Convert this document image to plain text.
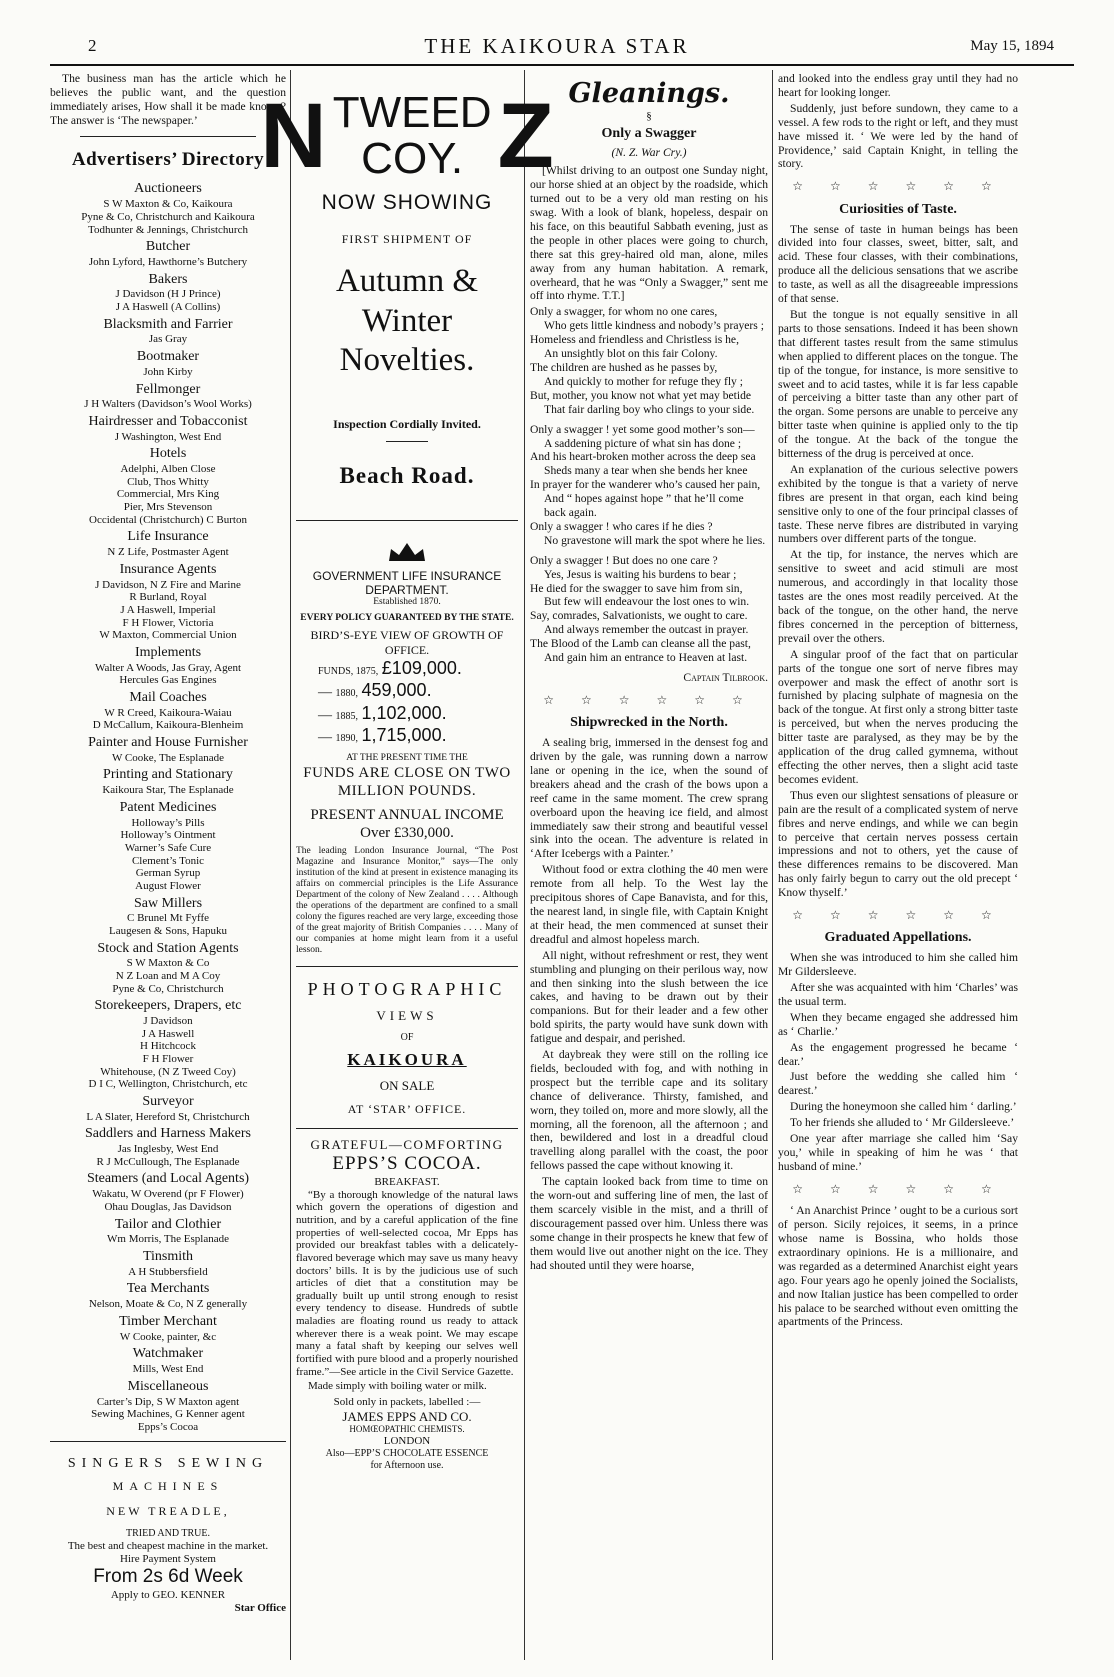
2	THE KAIKOURA STAR	May 15, 1894

The business man has the article which he believes the public want, and the question immediately arises, How shall it be made known? The answer is ‘The newspaper.’

Advertisers’ Directory
Auctioneers
S W Maxton & Co, Kaikoura
Pyne & Co, Christchurch and Kaikoura
Todhunter & Jennings, Christchurch
Butcher
John Lyford, Hawthorne’s Butchery
Bakers
J Davidson (H J Prince)
J A Haswell (A Collins)
Blacksmith and Farrier
Jas Gray
Bootmaker
John Kirby
Fellmonger
J H Walters (Davidson’s Wool Works)
Hairdresser and Tobacconist
J Washington, West End
Hotels
Adelphi, Alben Close
Club, Thos Whitty
Commercial, Mrs King
Pier, Mrs Stevenson
Occidental (Christchurch) C Burton
Life Insurance
N Z Life, Postmaster Agent
Insurance Agents
J Davidson, N Z Fire and Marine
R Burland, Royal
J A Haswell, Imperial
F H Flower, Victoria
W Maxton, Commercial Union
Implements
Walter A Woods, Jas Gray, Agent
Hercules Gas Engines
Mail Coaches
W R Creed, Kaikoura-Waiau
D McCallum, Kaikoura-Blenheim
Painter and House Furnisher
W Cooke, The Esplanade
Printing and Stationary
Kaikoura Star, The Esplanade
Patent Medicines
Holloway’s Pills
Holloway’s Ointment
Warner’s Safe Cure
Clement’s Tonic
German Syrup
August Flower
Saw Millers
C Brunel Mt Fyffe
Laugesen & Sons, Hapuku
Stock and Station Agents
S W Maxton & Co
N Z Loan and M A Coy
Pyne & Co, Christchurch
Storekeepers, Drapers, etc
J Davidson
J A Haswell
H Hitchcock
F H Flower
Whitehouse, (N Z Tweed Coy)
D I C, Wellington, Christchurch, etc
Surveyor
L A Slater, Hereford St, Christchurch
Saddlers and Harness Makers
Jas Inglesby, West End
R J McCullough, The Esplanade
Steamers (and Local Agents)
Wakatu, W Overend (pr F Flower)
Ohau Douglas, Jas Davidson
Tailor and Clothier
Wm Morris, The Esplanade
Tinsmith
A H Stubbersfield
Tea Merchants
Nelson, Moate & Co, N Z generally
Timber Merchant
W Cooke, painter, &c
Watchmaker
Mills, West End
Miscellaneous
Carter’s Dip, S W Maxton agent
Sewing Machines, G Kenner agent
Epps’s Cocoa
SINGERS SEWING
MACHINES
NEW TREADLE,
TRIED AND TRUE.
The best and cheapest machine in the market.
Hire Payment System
From 2s 6d Week
Apply to GEO. KENNER
Star Office
N TWEED
COY. Z
NOW SHOWING
FIRST SHIPMENT OF
Autumn & Winter
Novelties.
Inspection Cordially Invited.
Beach Road.
GOVERNMENT LIFE INSURANCE DEPARTMENT.
Established 1870.
EVERY POLICY GUARANTEED BY THE STATE.
BIRD’S-EYE VIEW OF GROWTH OF OFFICE.
FUNDS, 1875, £109,000.
— 1880, 459,000.
— 1885, 1,102,000.
— 1890, 1,715,000.
AT THE PRESENT TIME THE
FUNDS ARE CLOSE ON TWO MILLION POUNDS.
PRESENT ANNUAL INCOME Over £330,000.
The leading London Insurance Journal, “The Post Magazine and Insurance Monitor,” says—The only institution of the kind at present in existence managing its affairs on commercial principles is the Life Assurance Department of the colony of New Zealand . . . . Although the operations of the department are confined to a small colony the figures reached are very large, exceeding those of the great majority of British Companies . . . . Many of our companies at home might learn from it a useful lesson.
PHOTOGRAPHIC
VIEWS
OF
KAIKOURA
ON SALE
AT ‘STAR’ OFFICE.
GRATEFUL—COMFORTING
EPPS’S COCOA.
BREAKFAST.

“By a thorough knowledge of the natural laws which govern the operations of digestion and nutrition, and by a careful application of the fine properties of well-selected cocoa, Mr Epps has provided our breakfast tables with a delicately-flavored beverage which may save us many heavy doctors’ bills. It is by the judicious use of such articles of diet that a constitution may be gradually built up until strong enough to resist every tendency to disease. Hundreds of subtle maladies are floating round us ready to attack wherever there is a weak point. We may escape many a fatal shaft by keeping our selves well fortified with pure blood and a properly nourished frame.”—See article in the Civil Service Gazette.

Made simply with boiling water or milk.

Sold only in packets, labelled :—
JAMES EPPS AND CO.
HOMŒOPATHIC CHEMISTS.
LONDON
Also—EPP’S CHOCOLATE ESSENCE
for Afternoon use.
Gleanings.
§
Only a Swagger
(N. Z. War Cry.)

[Whilst driving to an outpost one Sunday night, our horse shied at an object by the roadside, which turned out to be a very old man resting on his swag. With a look of blank, hopeless, despair on his face, on this beautiful Sabbath evening, just as the people in other places were going to church, there sat this grey-haired old man, alone, miles away from any human habitation. A remark, overheard, that he was “Only a Swagger,” sent me off into rhyme. T.T.]

Only a swagger, for whom no one cares,

Who gets little kindness and nobody’s prayers ;

Homeless and friendless and Christless is he,

An unsightly blot on this fair Colony.

The children are hushed as he passes by,

And quickly to mother for refuge they fly ;

But, mother, you know not what yet may betide

That fair darling boy who clings to your side.

Only a swagger ! yet some good mother’s son—

A saddening picture of what sin has done ;

And his heart-broken mother across the deep sea

Sheds many a tear when she bends her knee

In prayer for the wanderer who’s caused her pain,

And “ hopes against hope ” that he’ll come back again.

Only a swagger ! who cares if he dies ?

No gravestone will mark the spot where he lies.

Only a swagger ! But does no one care ?

Yes, Jesus is waiting his burdens to bear ;

He died for the swagger to save him from sin,

But few will endeavour the lost ones to win.

Say, comrades, Salvationists, we ought to care.

And always remember the outcast in prayer.

The Blood of the Lamb can cleanse all the past,

And gain him an entrance to Heaven at last.

Captain Tilbrook.
☆ ☆ ☆ ☆ ☆ ☆
Shipwrecked in the North.

A sealing brig, immersed in the densest fog and driven by the gale, was running down a narrow lane or opening in the ice, when the sound of breakers ahead and the crash of the bows upon a reef came in the same moment. The crew sprang overboard upon the heaving ice field, and almost immediately saw their strong and beautiful vessel sink into the ocean. The adventure is related in ‘After Icebergs with a Painter.’

Without food or extra clothing the 40 men were remote from all help. To the West lay the precipitous shores of Cape Banavista, and for this, the nearest land, in single file, with Captain Knight at their head, the men commenced at sunset their dreadful and almost hopeless march.

All night, without refreshment or rest, they went stumbling and plunging on their perilous way, now and then sinking into the slush between the ice cakes, and having to be drawn out by their companions. But for their leader and a few other bold spirits, the party would have sunk down with fatigue and despair, and perished.

At daybreak they were still on the rolling ice fields, beclouded with fog, and with nothing in prospect but the terrible cape and its solitary chance of deliverance. Thirsty, famished, and worn, they toiled on, more and more slowly, all the morning, all the forenoon, all the afternoon ; and then, bewildered and lost in a dreadful cloud travelling along parallel with the coast, the poor fellows passed the cape without knowing it.

The captain looked back from time to time on the worn-out and suffering line of men, the last of them scarcely visible in the mist, and a thrill of discouragement passed over him. Unless there was some change in their prospects he knew that few of them would live out another night on the ice. They had shouted until they were hoarse,

and looked into the endless gray until they had no heart for looking longer.

Suddenly, just before sundown, they came to a vessel. A few rods to the right or left, and they must have missed it. ‘ We were led by the hand of Providence,’ said Captain Knight, in telling the story.

☆ ☆ ☆ ☆ ☆ ☆
Curiosities of Taste.

The sense of taste in human beings has been divided into four classes, sweet, bitter, salt, and acid. These four classes, with their combinations, produce all the delicious sensations that we ascribe to taste, as well as all the disagreeable impressions of that sense.

But the tongue is not equally sensitive in all parts to those sensations. Indeed it has been shown that different tastes result from the same stimulus when applied to different places on the tongue. The tip of the tongue, for instance, is more sensitive to sweet and to acid tastes, while it is far less capable of perceiving a bitter taste than any other part of the organ. Some persons are unable to perceive any bitter taste when quinine is applied only to the tip of the tongue. At the back of the tongue the bitterness of the drug is perceived at once.

An explanation of the curious selective powers exhibited by the tongue is that a variety of nerve fibres are present in that organ, each kind being sensitive only to one of the four principal classes of taste. These nerve fibres are distributed in varying numbers over different parts of the tongue.

At the tip, for instance, the nerves which are sensitive to sweet and acid stimuli are most numerous, and accordingly in that locality those tastes are the ones most readily perceived. At the back of the tongue, on the other hand, the nerve fibres concerned in the perception of bitterness, prevail over the others.

A singular proof of the fact that on particular parts of the tongue one sort of nerve fibres may overpower and mask the effect of anothr sort is furnished by placing sulphate of magnesia on the back of the tongue. At first only a strong bitter taste is perceived, but when the nerves producing the bitter taste are paralysed, as they may be by the application of the drug called gymnema, without effecting the other nerves, then a slight acid taste becomes evident.

Thus even our slightest sensations of pleasure or pain are the result of a complicated system of nerve fibres and nerve endings, and while we can begin to perceive that certain nerves possess certain impressions and not to others, yet the cause of these differences remains to be discovered. Man has only fairly begun to carry out the old precept ‘ Know thyself.’

☆ ☆ ☆ ☆ ☆ ☆
Graduated Appellations.

When she was introduced to him she called him Mr Gildersleeve.

After she was acquainted with him ‘Charles’ was the usual term.

When they became engaged she addressed him as ‘ Charlie.’

As the engagement progressed he became ‘ dear.’

Just before the wedding she called him ‘ dearest.’

During the honeymoon she called him ‘ darling.’

To her friends she alluded to ‘ Mr Gildersleeve.’

One year after marriage she called him ‘Say you,’ while in speaking of him he was ‘ that husband of mine.’

☆ ☆ ☆ ☆ ☆ ☆

‘ An Anarchist Prince ’ ought to be a curious sort of person. Sicily rejoices, it seems, in a prince whose name is Bossina, who holds those extraordinary opinions. He is a millionaire, and was regarded as a determined Anarchist eight years ago. Four years ago he openly joined the Socialists, and now Italian justice has been compelled to order his palace to be searched without even omitting the apartments of the Princess.
